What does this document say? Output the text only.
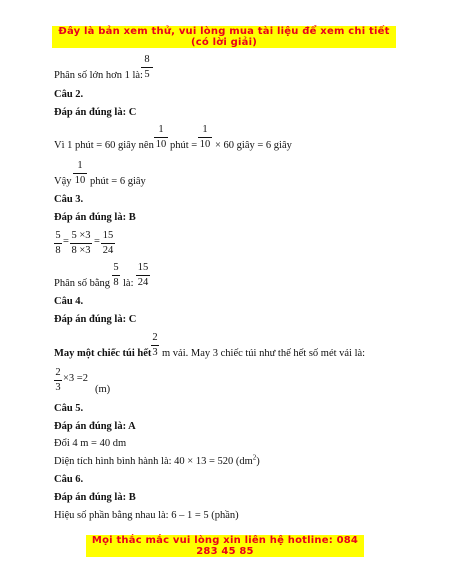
Đây là bản xem thử, vui lòng mua tài liệu để xem chi tiết (có lời giải)
Phân số lớn hơn 1 là:
8
5
Câu 2.
Đáp án đúng là: C
Vì 1 phút = 60 giây nên
1
10 phút =
1
10 × 60 giây = 6 giây
Vậy
1
10 phút = 6 giây
Câu 3.
Đáp án đúng là: B
5
8
=
5 ×3
8 ×3
=
15
24
Phân số bằng
5
8 là:
15
24
Câu 4.
Đáp án đúng là: C
May một chiếc túi hết
2
3 m vải. May 3 chiếc túi như thế hết số mét vải là:
2
3
×3 =2
(m)
Câu 5.
Đáp án đúng là: A
Đổi 4 m = 40 dm
Diện tích hình bình hành là: 40 × 13 = 520 $(dm^2)$
Câu 6.
Đáp án đúng là: B
Hiệu số phần bằng nhau là: 6 – 1 = 5 (phần)
Mọi thắc mắc vui lòng xin liên hệ hotline: 084 283 45 85
